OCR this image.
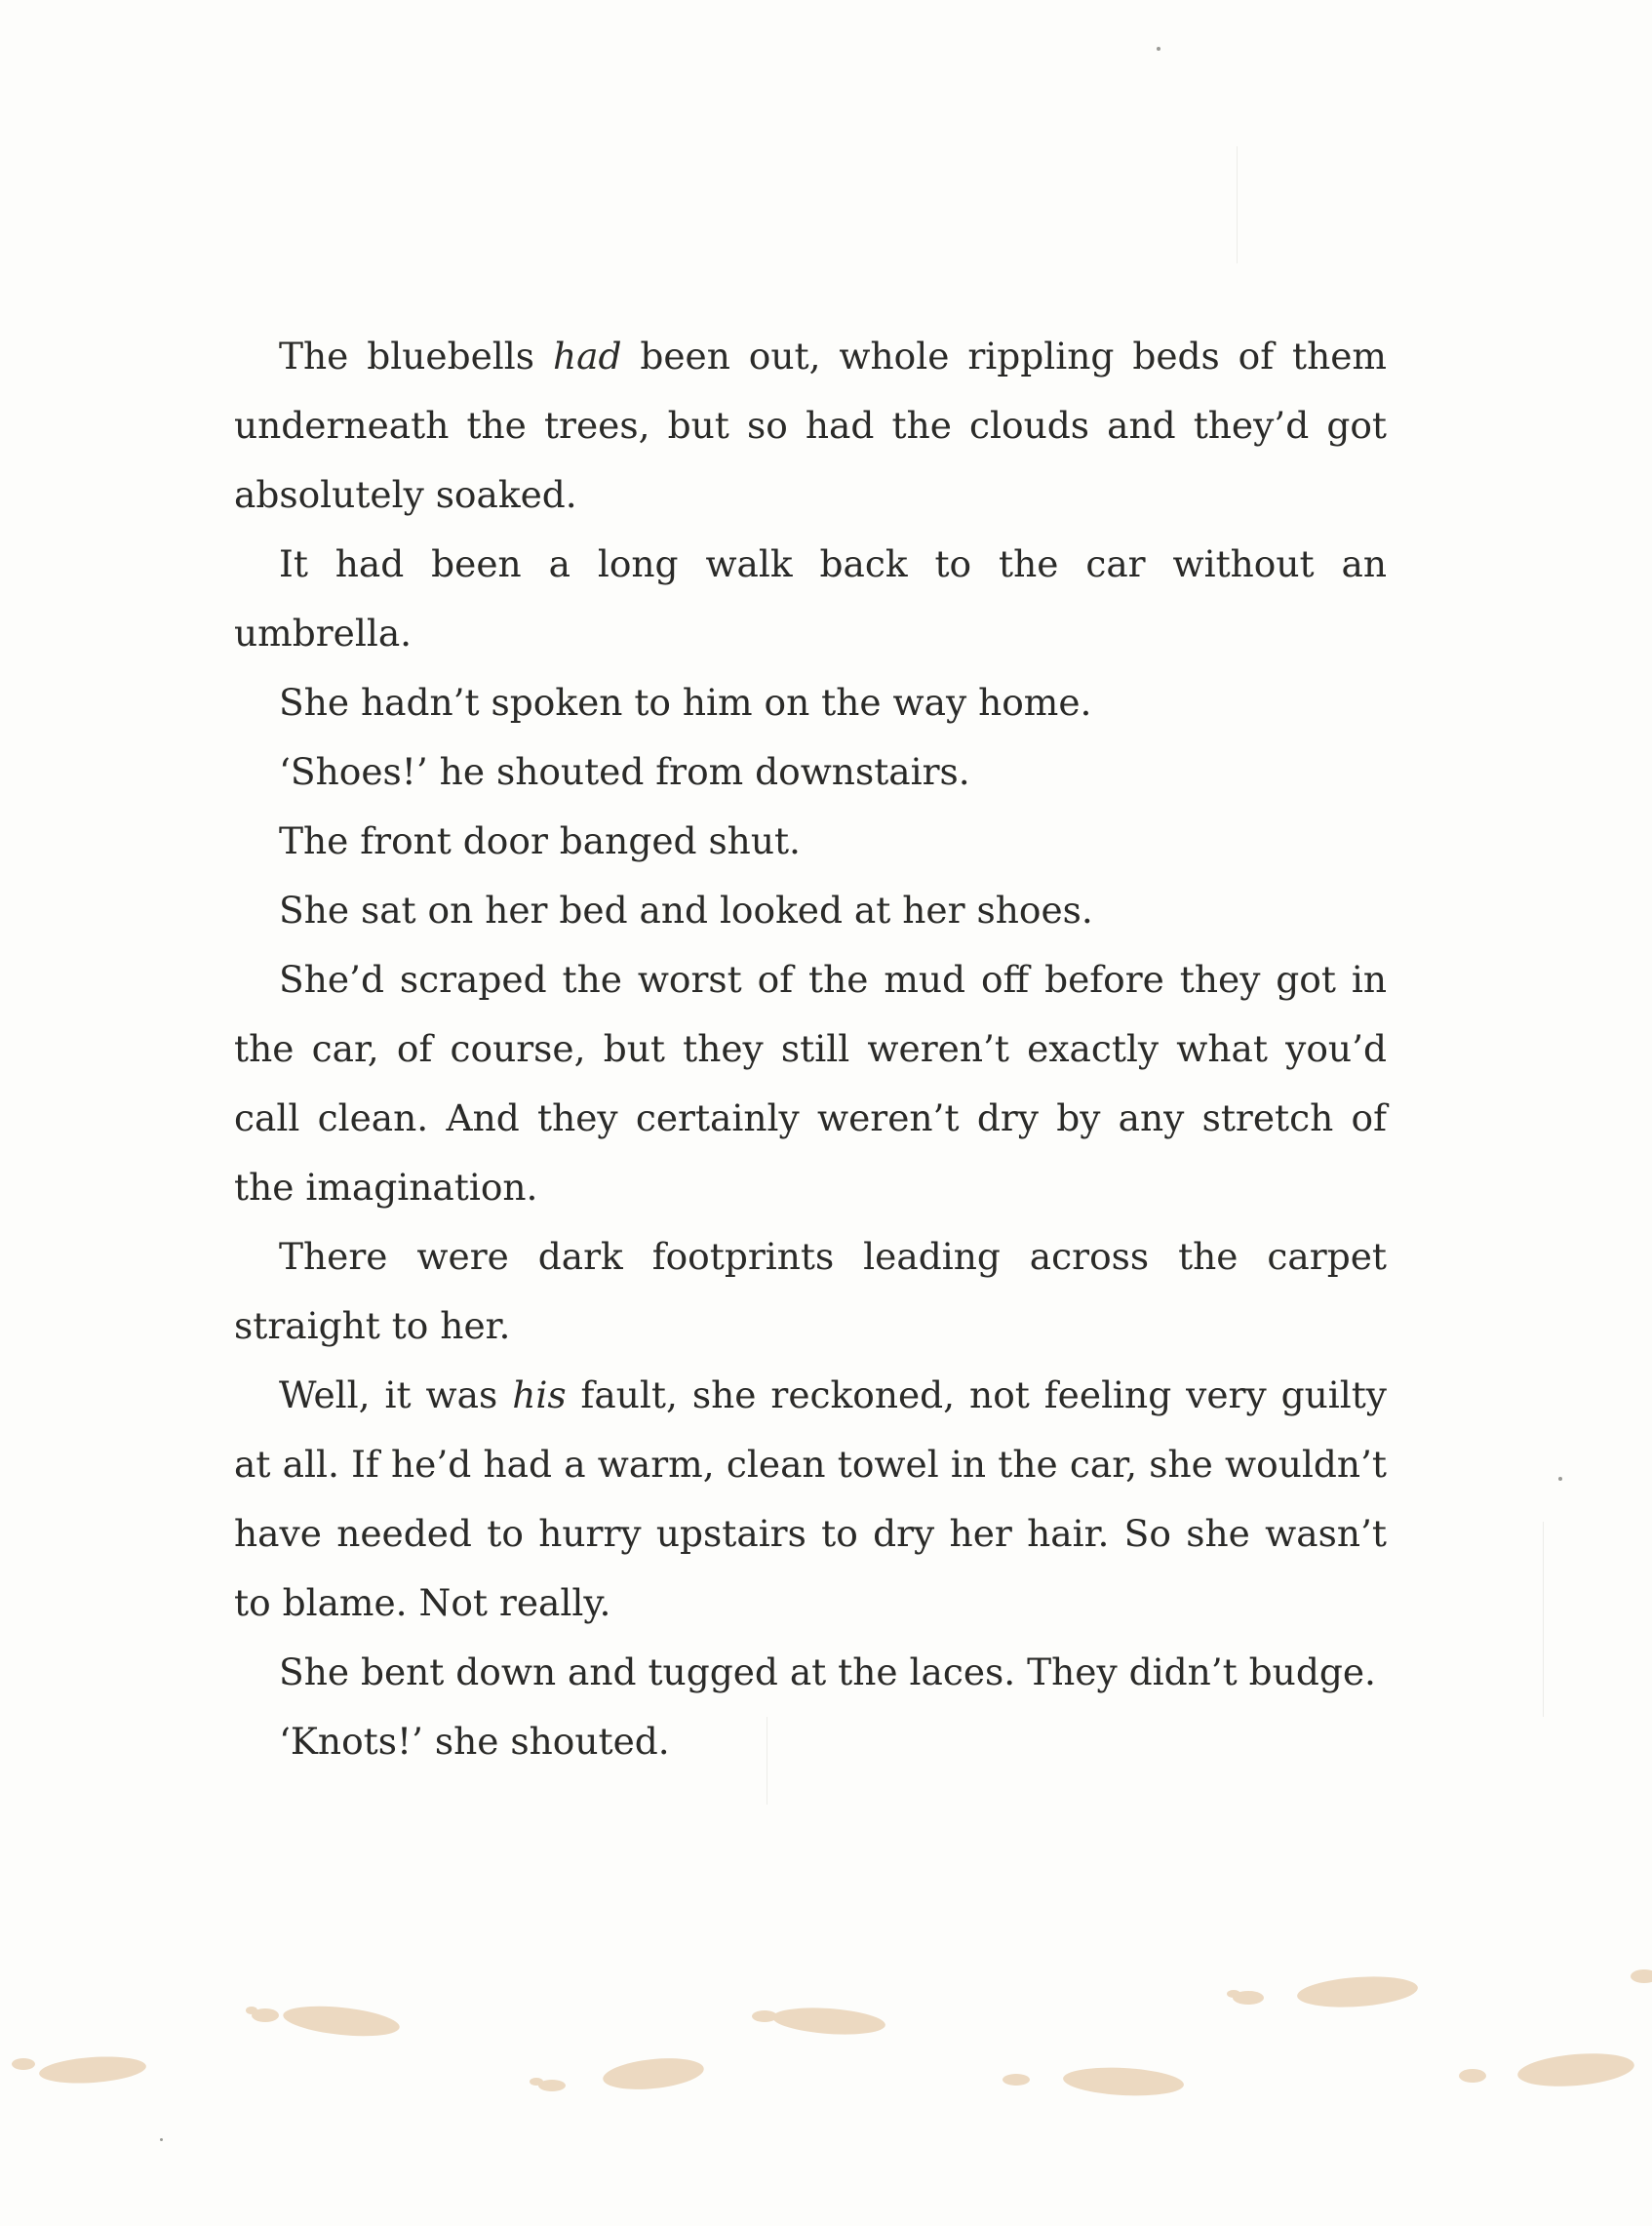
The bluebells had been out, whole rippling beds of them underneath the trees, but so had the clouds and they’d got absolutely soaked.

It had been a long walk back to the car without an umbrella.

She hadn’t spoken to him on the way home.

‘Shoes!’ he shouted from downstairs.

The front door banged shut.

She sat on her bed and looked at her shoes.

She’d scraped the worst of the mud off before they got in the car, of course, but they still weren’t exactly what you’d call clean. And they certainly weren’t dry by any stretch of the imagination.

There were dark footprints leading across the carpet straight to her.

Well, it was his fault, she reckoned, not feeling very guilty at all. If he’d had a warm, clean towel in the car, she wouldn’t have needed to hurry upstairs to dry her hair. So she wasn’t to blame. Not really.

She bent down and tugged at the laces. They didn’t budge.

‘Knots!’ she shouted.
